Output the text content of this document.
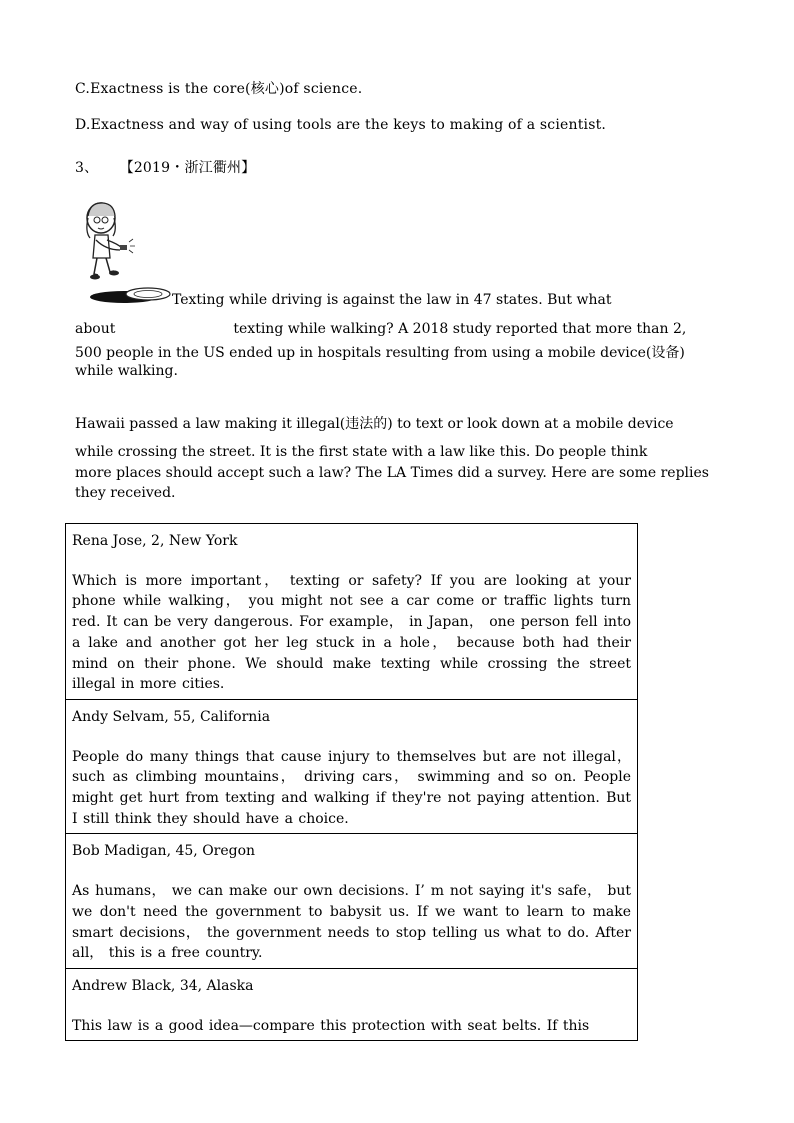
C.Exactness is the core(核心)of science.
D.Exactness and way of using tools are the keys to making of a scientist.
3、 【2019・浙江衢州】
Texting while driving is against the law in 47 states. But what
about	texting while walking? A 2018 study reported that more than 2,
500 people in the US ended up in hospitals resulting from using a mobile device(设备)
while walking.
Hawaii passed a law making it illegal(违法的) to text or look down at a mobile device
while crossing the street. It is the first state with a law like this. Do people think
more places should accept such a law? The LA Times did a survey. Here are some replies
they received.
Rena Jose, 2, New York
Which is more important， texting or safety? If you are looking at your phone while walking， you might not see a car come or traffic lights turn red. It can be very dangerous. For example， in Japan， one person fell into a lake and another got her leg stuck in a hole， because both had their mind on their phone. We should make texting while crossing the street illegal in more cities.

Andy Selvam, 55, California
People do many things that cause injury to themselves but are not illegal， such as climbing mountains， driving cars， swimming and so on. People might get hurt from texting and walking if they're not paying attention. But I still think they should have a choice.

Bob Madigan, 45, Oregon
As humans， we can make our own decisions. I’ m not saying it's safe， but we don't need the government to babysit us. If we want to learn to make smart decisions， the government needs to stop telling us what to do. After all， this is a free country.

Andrew Black, 34, Alaska
This law is a good idea—compare this protection with seat belts. If this
